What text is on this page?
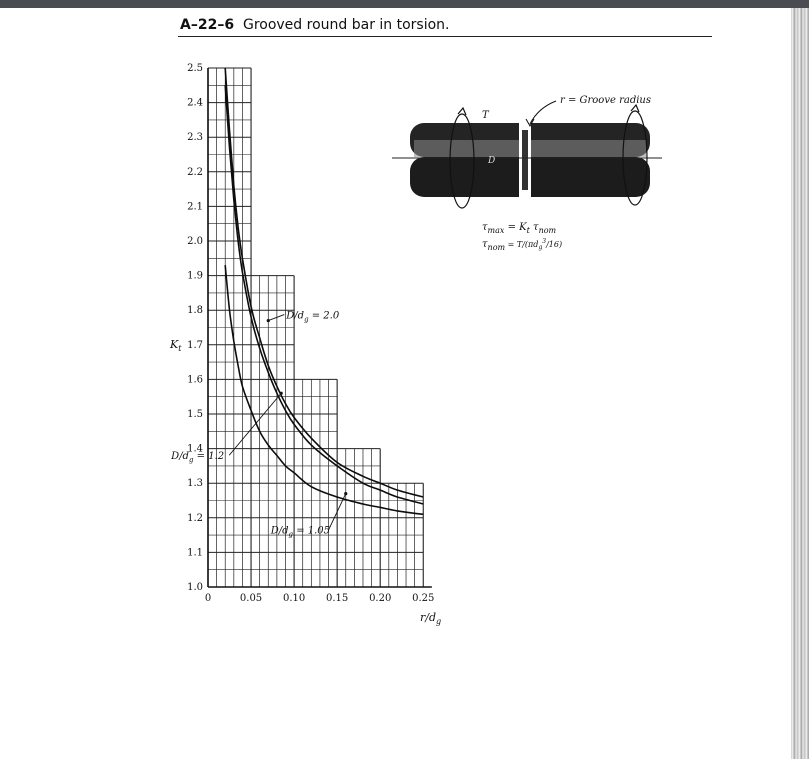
A–22–6 Grooved round bar in torsion.
1.0
1.1
1.2
1.3
1.4
1.5
1.6
1.7
1.8
1.9
2.0
2.1
2.2
2.3
2.4
2.5
0	0.05 0.10 0.15 0.20 0.25
$D/d_g = 2.0$
$D/d_g = 1.2$
$D/d_g = 1.05$
$K_t$
$r/d_g$
r = Groove radius
T
D
$\tau_{max} = K_t$ $\tau_{nom}$
$\tau_{nom}$ $^{= T/(\pi d}_g^3_{/16)}$
